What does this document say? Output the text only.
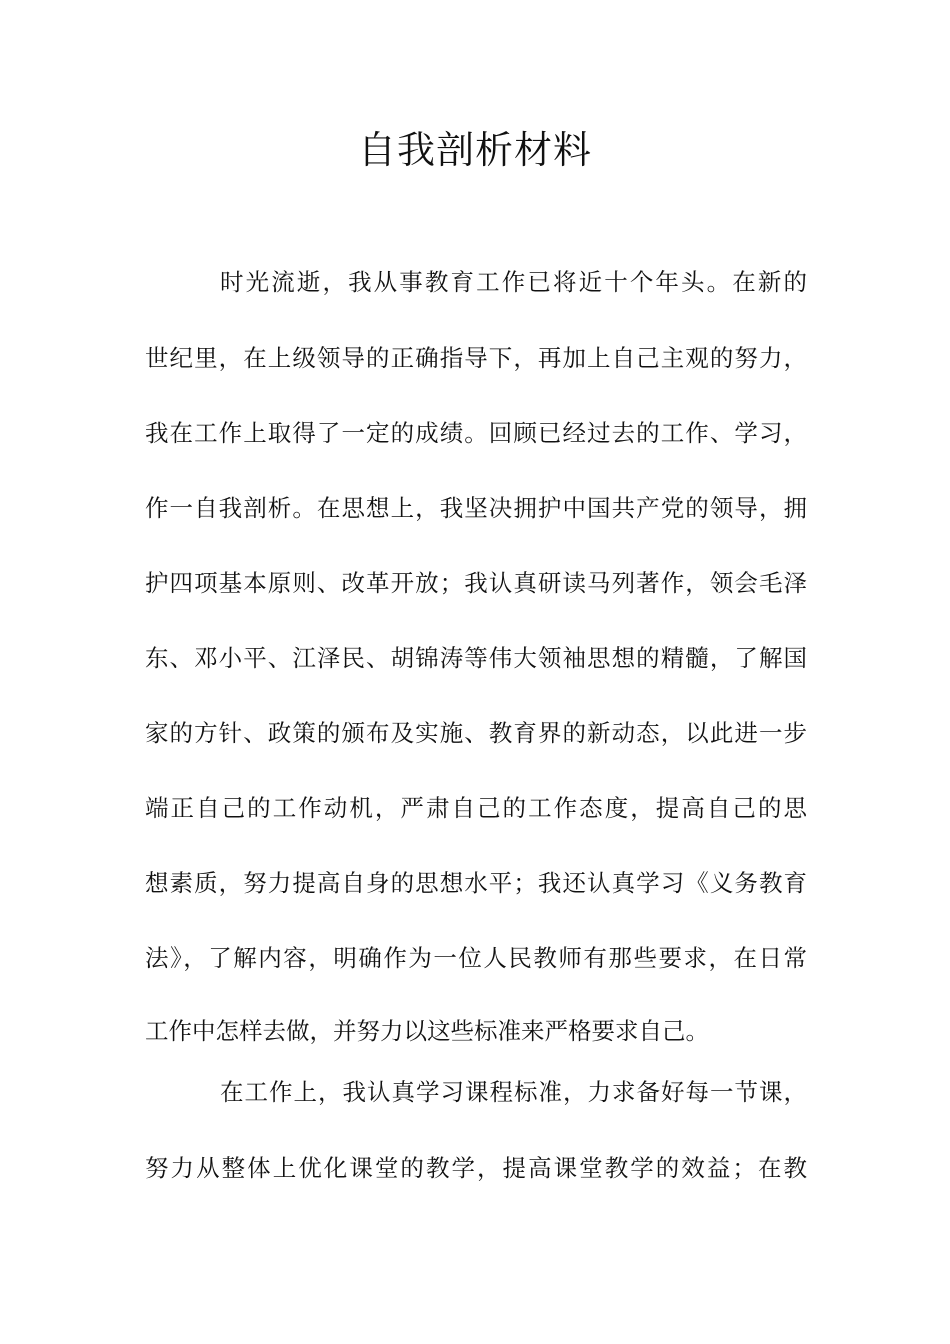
自我剖析材料
时光流逝，我从事教育工作已将近十个年头。在新的
世纪里，在上级领导的正确指导下，再加上自己主观的努力，
我在工作上取得了一定的成绩。回顾已经过去的工作、学习，
作一自我剖析。在思想上，我坚决拥护中国共产党的领导，拥
护四项基本原则、改革开放；我认真研读马列著作，领会毛泽
东、邓小平、江泽民、胡锦涛等伟大领袖思想的精髓，了解国
家的方针、政策的颁布及实施、教育界的新动态，以此进一步
端正自己的工作动机，严肃自己的工作态度，提高自己的思
想素质，努力提高自身的思想水平；我还认真学习《义务教育
法》，了解内容，明确作为一位人民教师有那些要求，在日常
工作中怎样去做，并努力以这些标准来严格要求自己。
在工作上，我认真学习课程标准，力求备好每一节课，
努力从整体上优化课堂的教学，提高课堂教学的效益；在教
